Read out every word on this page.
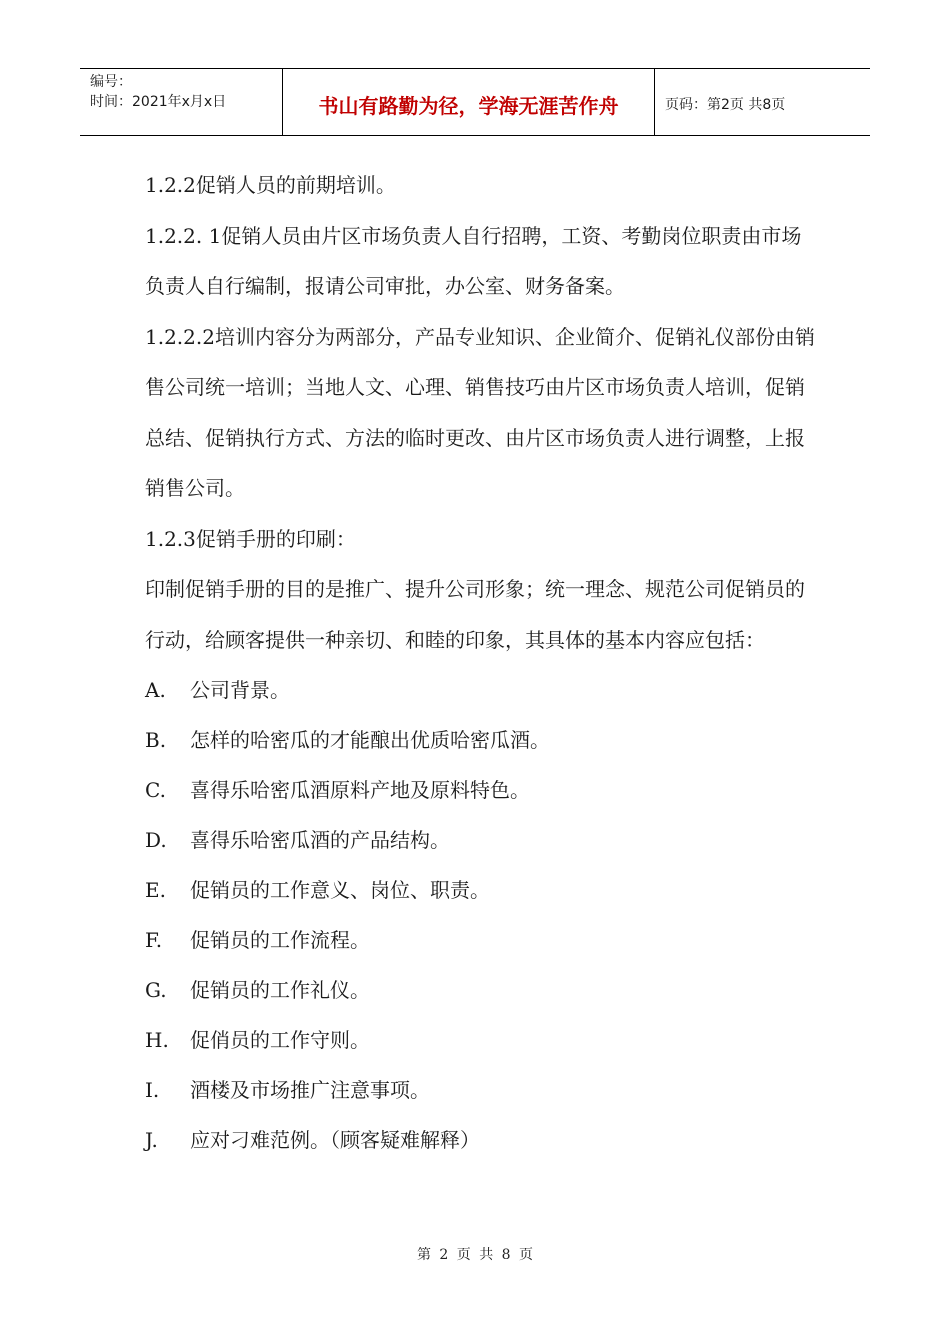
编号：
时间：2021年x月x日	书山有路勤为径，学海无涯苦作舟	页码：第2页 共8页

1.2.2促销人员的前期培训。

1.2.2. 1促销人员由片区市场负责人自行招聘，工资、考勤岗位职责由市场负责人自行编制，报请公司审批，办公室、财务备案。

1.2.2.2培训内容分为两部分，产品专业知识、企业简介、促销礼仪部份由销售公司统一培训；当地人文、心理、销售技巧由片区市场负责人培训，促销总结、促销执行方式、方法的临时更改、由片区市场负责人进行调整，上报销售公司。

1.2.3促销手册的印刷：

印制促销手册的目的是推广、提升公司形象；统一理念、规范公司促销员的行动，给顾客提供一种亲切、和睦的印象，其具体的基本内容应包括：

A.	公司背景。
B.	怎样的哈密瓜的才能酿出优质哈密瓜酒。
C.	喜得乐哈密瓜酒原料产地及原料特色。
D.	喜得乐哈密瓜酒的产品结构。
E.	促销员的工作意义、岗位、职责。
F.	促销员的工作流程。
G.	促销员的工作礼仪。
H.	促俏员的工作守则。
I.	酒楼及市场推广注意事项。
J.	应对刁难范例。（顾客疑难解释）
第 2 页 共 8 页
